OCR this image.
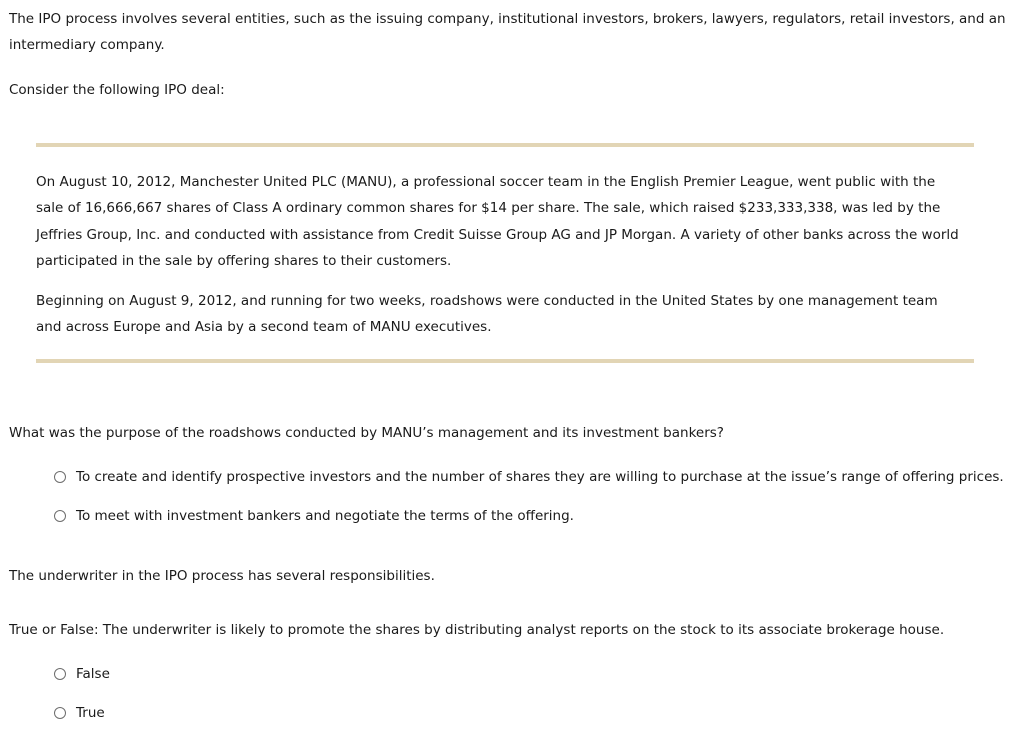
The IPO process involves several entities, such as the issuing company, institutional investors, brokers, lawyers, regulators, retail investors, and an intermediary company.

Consider the following IPO deal:

On August 10, 2012, Manchester United PLC (MANU), a professional soccer team in the English Premier League, went public with the sale of 16,666,667 shares of Class A ordinary common shares for $14 per share. The sale, which raised $233,333,338, was led by the Jeffries Group, Inc. and conducted with assistance from Credit Suisse Group AG and JP Morgan. A variety of other banks across the world participated in the sale by offering shares to their customers.

Beginning on August 9, 2012, and running for two weeks, roadshows were conducted in the United States by one management team and across Europe and Asia by a second team of MANU executives.

What was the purpose of the roadshows conducted by MANU’s management and its investment bankers?

To create and identify prospective investors and the number of shares they are willing to purchase at the issue’s range of offering prices.
To meet with investment bankers and negotiate the terms of the offering.

The underwriter in the IPO process has several responsibilities.

True or False: The underwriter is likely to promote the shares by distributing analyst reports on the stock to its associate brokerage house.

False
True
